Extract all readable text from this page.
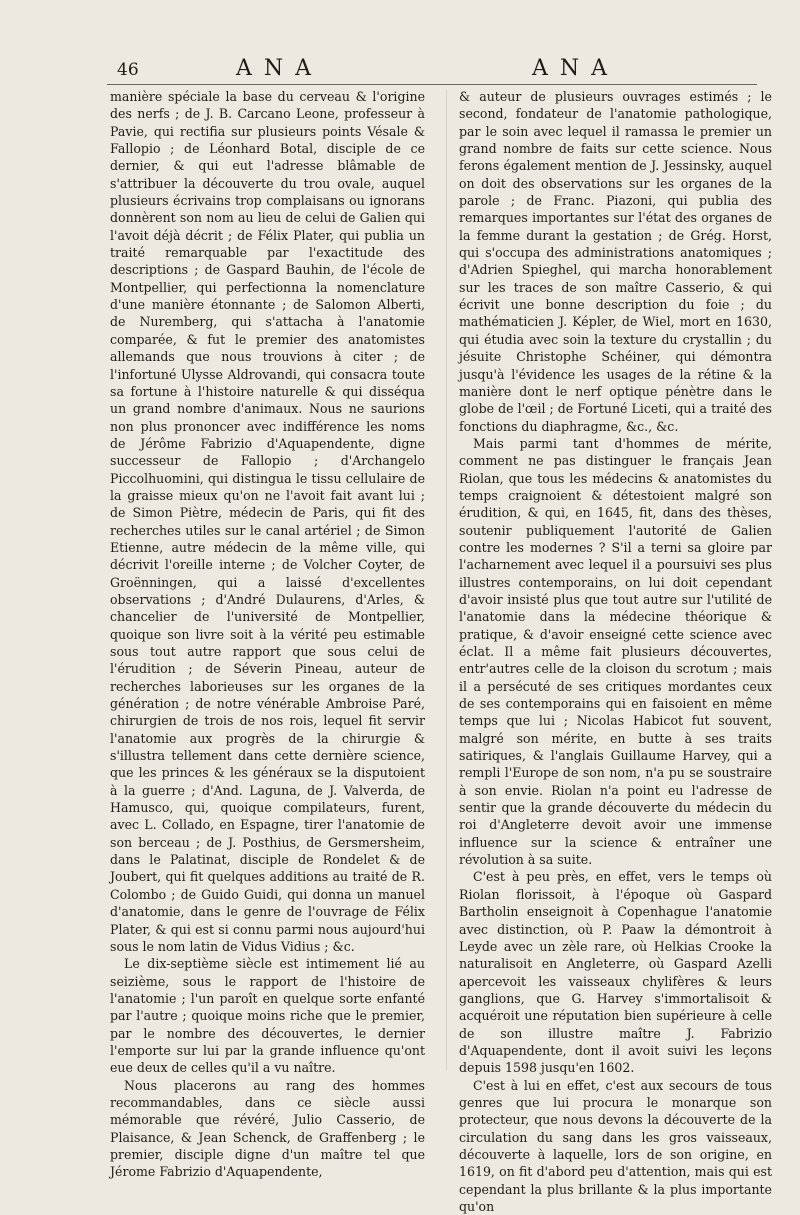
46	ANA	ANA

manière spéciale la base du cerveau & l'origine des nerfs ; de J. B. Carcano Leone, professeur à Pavie, qui rectifia sur plusieurs points Vésale & Fallopio ; de Léonhard Botal, disciple de ce dernier, & qui eut l'adresse blâmable de s'attribuer la découverte du trou ovale, auquel plusieurs écrivains trop complaisans ou ignorans donnèrent son nom au lieu de celui de Galien qui l'avoit déjà décrit ; de Félix Plater, qui publia un traité remarquable par l'exactitude des descriptions ; de Gaspard Bauhin, de l'école de Montpellier, qui perfectionna la nomenclature d'une manière étonnante ; de Salomon Alberti, de Nuremberg, qui s'attacha à l'anatomie comparée, & fut le premier des anatomistes allemands que nous trouvions à citer ; de l'infortuné Ulysse Aldrovandi, qui consacra toute sa fortune à l'histoire naturelle & qui disséqua un grand nombre d'animaux. Nous ne saurions non plus prononcer avec indifférence les noms de Jérôme Fabrizio d'Aquapendente, digne successeur de Fallopio ; d'Archangelo Piccolhuomini, qui distingua le tissu cellulaire de la graisse mieux qu'on ne l'avoit fait avant lui ; de Simon Piètre, médecin de Paris, qui fit des recherches utiles sur le canal artériel ; de Simon Etienne, autre médecin de la même ville, qui décrivit l'oreille interne ; de Volcher Coyter, de Groënningen, qui a laissé d'excellentes observations ; d'André Dulaurens, d'Arles, & chancelier de l'université de Montpellier, quoique son livre soit à la vérité peu estimable sous tout autre rapport que sous celui de l'érudition ; de Séverin Pineau, auteur de recherches laborieuses sur les organes de la génération ; de notre vénérable Ambroise Paré, chirurgien de trois de nos rois, lequel fit servir l'anatomie aux progrès de la chirurgie & s'illustra tellement dans cette dernière science, que les princes & les généraux se la disputoient à la guerre ; d'And. Laguna, de J. Valverda, de Hamusco, qui, quoique compilateurs, furent, avec L. Collado, en Espagne, tirer l'anatomie de son berceau ; de J. Posthius, de Gersmersheim, dans le Palatinat, disciple de Rondelet & de Joubert, qui fit quelques additions au traité de R. Colombo ; de Guido Guidi, qui donna un manuel d'anatomie, dans le genre de l'ouvrage de Félix Plater, & qui est si connu parmi nous aujourd'hui sous le nom latin de Vidus Vidius ; &c.

Le dix-septième siècle est intimement lié au seizième, sous le rapport de l'histoire de l'anatomie ; l'un paroît en quelque sorte enfanté par l'autre ; quoique moins riche que le premier, par le nombre des découvertes, le dernier l'emporte sur lui par la grande influence qu'ont eue deux de celles qu'il a vu naître.

Nous placerons au rang des hommes recommandables, dans ce siècle aussi mémorable que révéré, Julio Casserio, de Plaisance, & Jean Schenck, de Graffenberg ; le premier, disciple digne d'un maître tel que Jérome Fabrizio d'Aquapendente,

& auteur de plusieurs ouvrages estimés ; le second, fondateur de l'anatomie pathologique, par le soin avec lequel il ramassa le premier un grand nombre de faits sur cette science. Nous ferons également mention de J. Jessinsky, auquel on doit des observations sur les organes de la parole ; de Franc. Piazoni, qui publia des remarques importantes sur l'état des organes de la femme durant la gestation ; de Grég. Horst, qui s'occupa des administrations anatomiques ; d'Adrien Spieghel, qui marcha honorablement sur les traces de son maître Casserio, & qui écrivit une bonne description du foie ; du mathématicien J. Képler, de Wiel, mort en 1630, qui étudia avec soin la texture du crystallin ; du jésuite Christophe Schéiner, qui démontra jusqu'à l'évidence les usages de la rétine & la manière dont le nerf optique pénètre dans le globe de l'œil ; de Fortuné Liceti, qui a traité des fonctions du diaphragme, &c., &c.

Mais parmi tant d'hommes de mérite, comment ne pas distinguer le français Jean Riolan, que tous les médecins & anatomistes du temps craignoient & détestoient malgré son érudition, & qui, en 1645, fit, dans des thèses, soutenir publiquement l'autorité de Galien contre les modernes ? S'il a terni sa gloire par l'acharnement avec lequel il a poursuivi ses plus illustres contemporains, on lui doit cependant d'avoir insisté plus que tout autre sur l'utilité de l'anatomie dans la médecine théorique & pratique, & d'avoir enseigné cette science avec éclat. Il a même fait plusieurs découvertes, entr'autres celle de la cloison du scrotum ; mais il a persécuté de ses critiques mordantes ceux de ses contemporains qui en faisoient en même temps que lui ; Nicolas Habicot fut souvent, malgré son mérite, en butte à ses traits satiriques, & l'anglais Guillaume Harvey, qui a rempli l'Europe de son nom, n'a pu se soustraire à son envie. Riolan n'a point eu l'adresse de sentir que la grande découverte du médecin du roi d'Angleterre devoit avoir une immense influence sur la science & entraîner une révolution à sa suite.

C'est à peu près, en effet, vers le temps où Riolan florissoit, à l'époque où Gaspard Bartholin enseignoit à Copenhague l'anatomie avec distinction, où P. Paaw la démontroit à Leyde avec un zèle rare, où Helkias Crooke la naturalisoit en Angleterre, où Gaspard Azelli apercevoit les vaisseaux chylifères & leurs ganglions, que G. Harvey s'immortalisoit & acquéroit une réputation bien supérieure à celle de son illustre maître J. Fabrizio d'Aquapendente, dont il avoit suivi les leçons depuis 1598 jusqu'en 1602.

C'est à lui en effet, c'est aux secours de tous genres que lui procura le monarque son protecteur, que nous devons la découverte de la circulation du sang dans les gros vaisseaux, découverte à laquelle, lors de son origine, en 1619, on fit d'abord peu d'attention, mais qui est cependant la plus brillante & la plus importante qu'on
